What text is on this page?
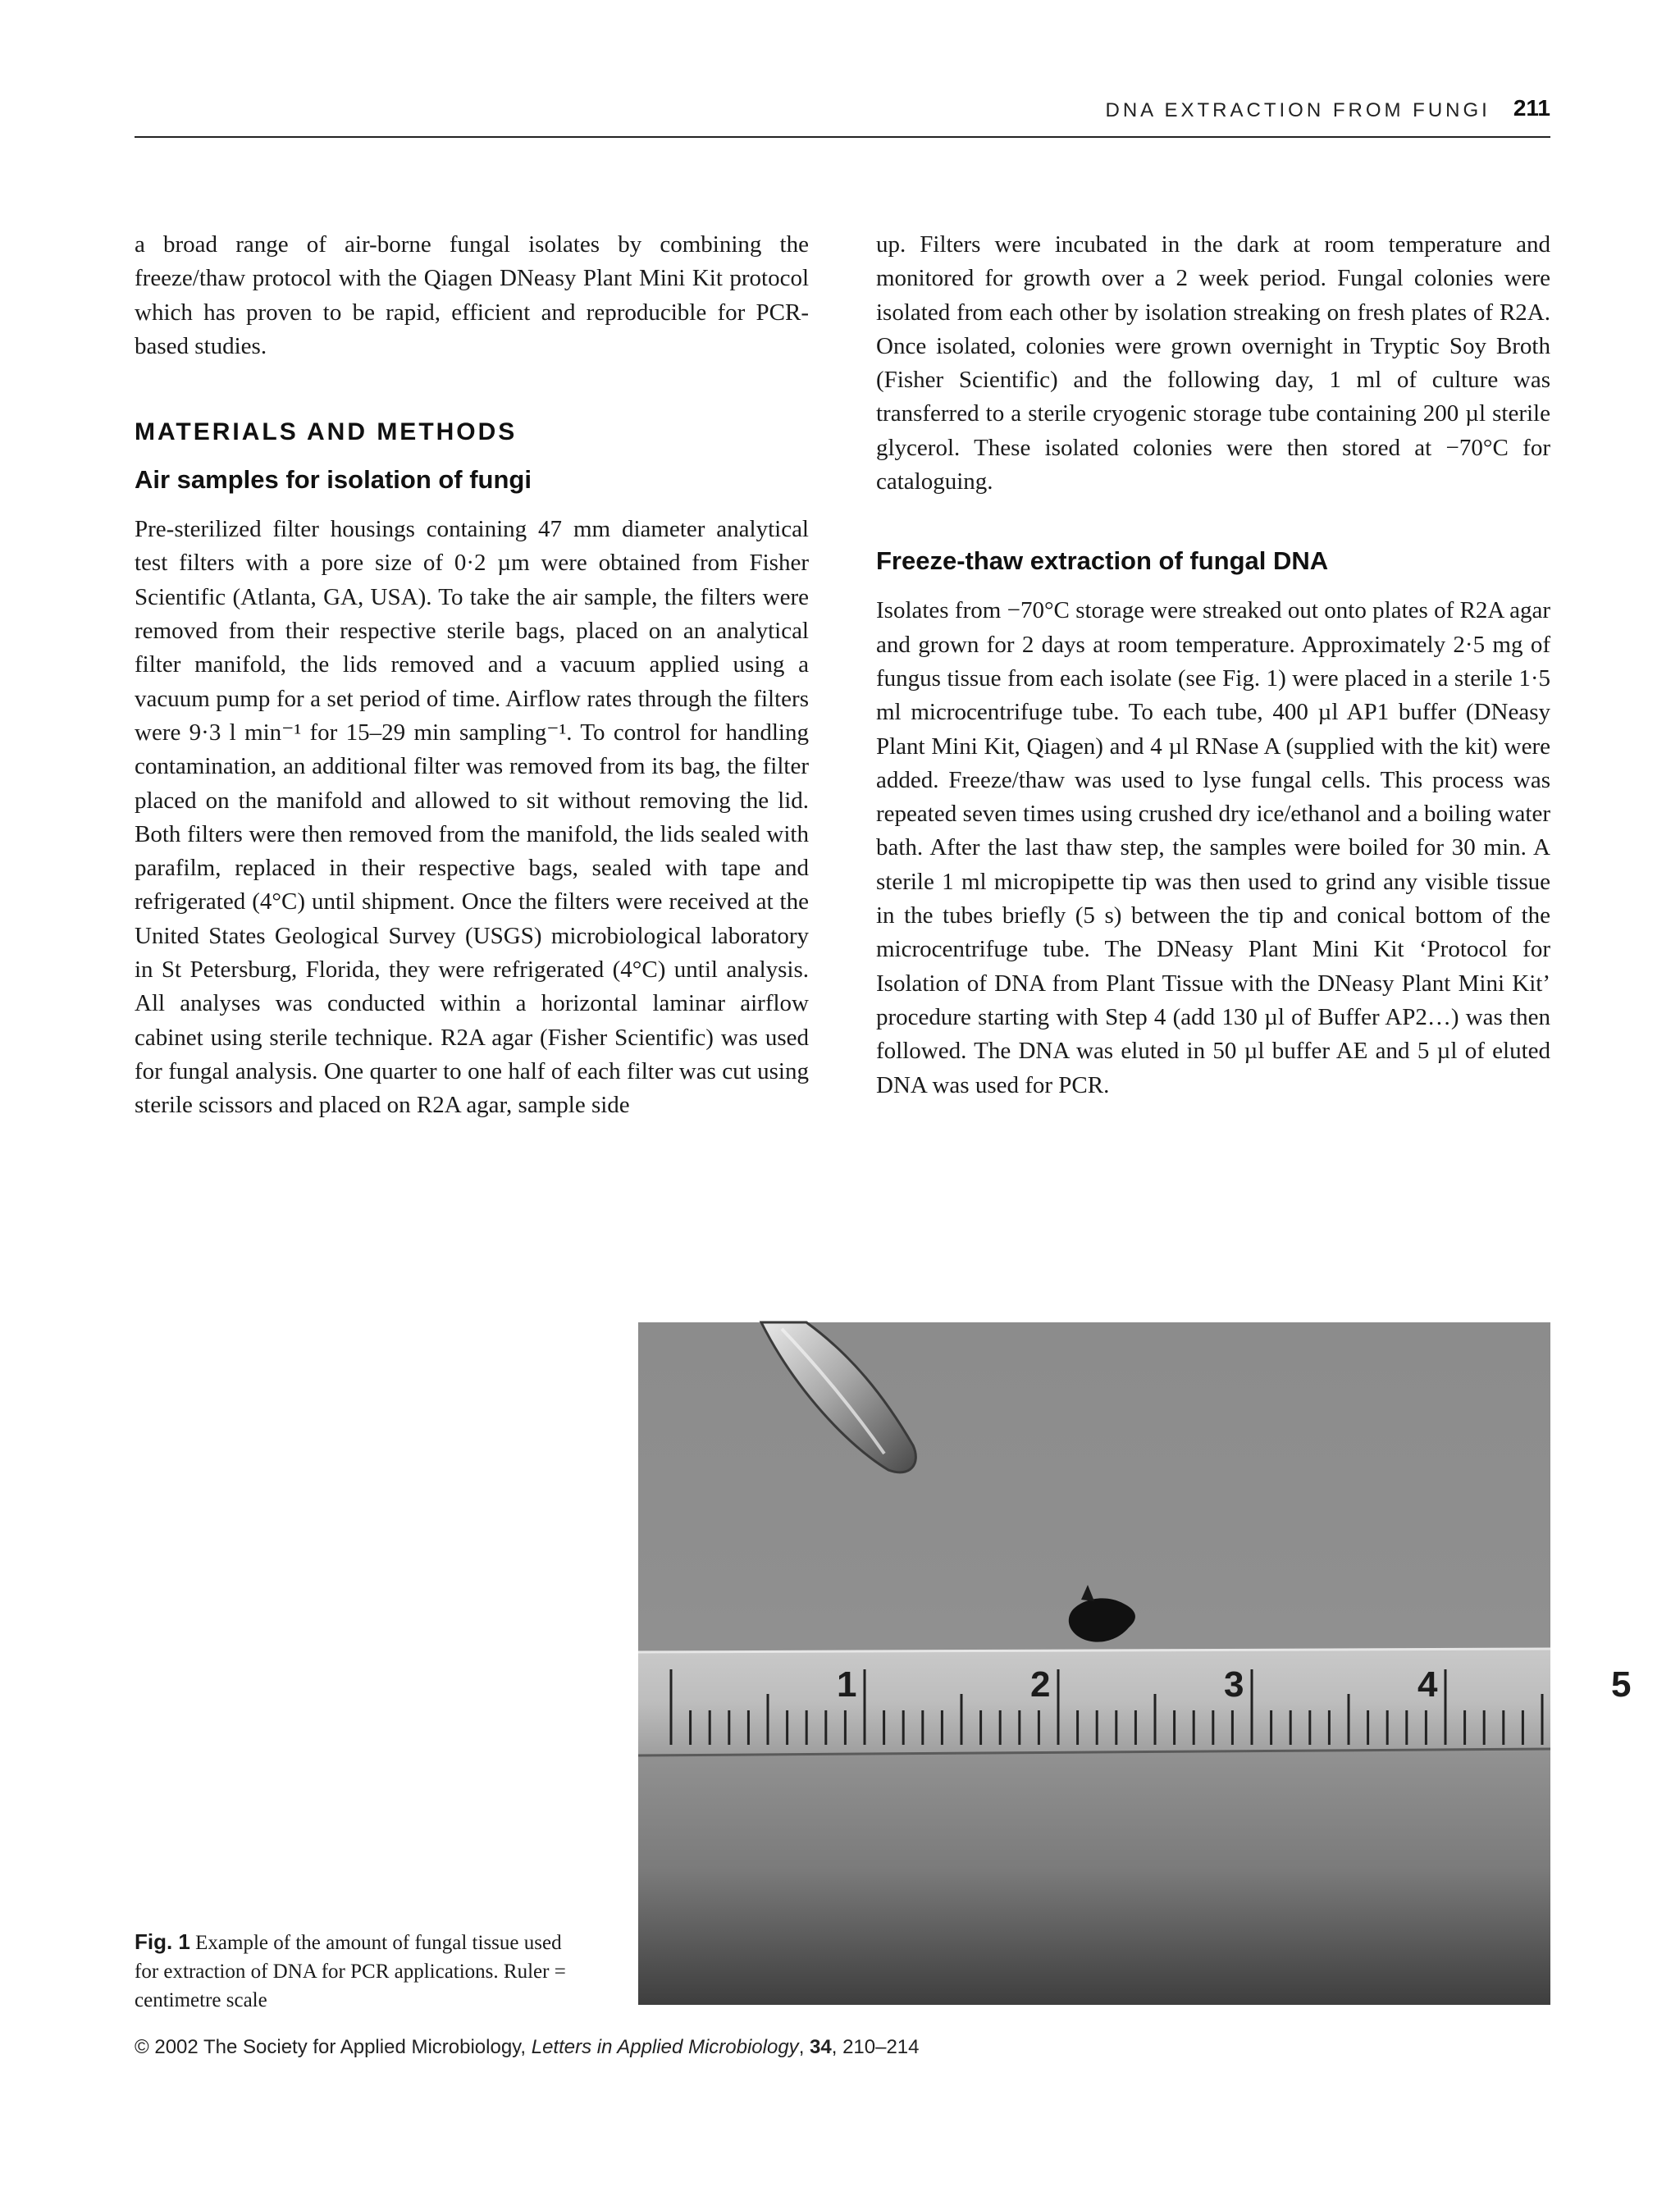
DNA EXTRACTION FROM FUNGI 211

a broad range of air-borne fungal isolates by combining the freeze/thaw protocol with the Qiagen DNeasy Plant Mini Kit protocol which has proven to be rapid, efficient and reproducible for PCR-based studies.

MATERIALS AND METHODS
Air samples for isolation of fungi

Pre-sterilized filter housings containing 47 mm diameter analytical test filters with a pore size of 0·2 µm were obtained from Fisher Scientific (Atlanta, GA, USA). To take the air sample, the filters were removed from their respective sterile bags, placed on an analytical filter manifold, the lids removed and a vacuum applied using a vacuum pump for a set period of time. Airflow rates through the filters were 9·3 l min⁻¹ for 15–29 min sampling⁻¹. To control for handling contamination, an additional filter was removed from its bag, the filter placed on the manifold and allowed to sit without removing the lid. Both filters were then removed from the manifold, the lids sealed with parafilm, replaced in their respective bags, sealed with tape and refrigerated (4°C) until shipment. Once the filters were received at the United States Geological Survey (USGS) microbiological laboratory in St Petersburg, Florida, they were refrigerated (4°C) until analysis. All analyses was conducted within a horizontal laminar airflow cabinet using sterile technique. R2A agar (Fisher Scientific) was used for fungal analysis. One quarter to one half of each filter was cut using sterile scissors and placed on R2A agar, sample side

up. Filters were incubated in the dark at room temperature and monitored for growth over a 2 week period. Fungal colonies were isolated from each other by isolation streaking on fresh plates of R2A. Once isolated, colonies were grown overnight in Tryptic Soy Broth (Fisher Scientific) and the following day, 1 ml of culture was transferred to a sterile cryogenic storage tube containing 200 µl sterile glycerol. These isolated colonies were then stored at −70°C for cataloguing.

Freeze-thaw extraction of fungal DNA

Isolates from −70°C storage were streaked out onto plates of R2A agar and grown for 2 days at room temperature. Approximately 2·5 mg of fungus tissue from each isolate (see Fig. 1) were placed in a sterile 1·5 ml microcentrifuge tube. To each tube, 400 µl AP1 buffer (DNeasy Plant Mini Kit, Qiagen) and 4 µl RNase A (supplied with the kit) were added. Freeze/thaw was used to lyse fungal cells. This process was repeated seven times using crushed dry ice/ethanol and a boiling water bath. After the last thaw step, the samples were boiled for 30 min. A sterile 1 ml micropipette tip was then used to grind any visible tissue in the tubes briefly (5 s) between the tip and conical bottom of the microcentrifuge tube. The DNeasy Plant Mini Kit ‘Protocol for Isolation of DNA from Plant Tissue with the DNeasy Plant Mini Kit’ procedure starting with Step 4 (add 130 µl of Buffer AP2…) was then followed. The DNA was eluted in 50 µl buffer AE and 5 µl of eluted DNA was used for PCR.

1	2	3	4	5
Fig. 1 Example of the amount of fungal tissue used for extraction of DNA for PCR applications. Ruler = centimetre scale
© 2002 The Society for Applied Microbiology, Letters in Applied Microbiology, 34, 210–214
